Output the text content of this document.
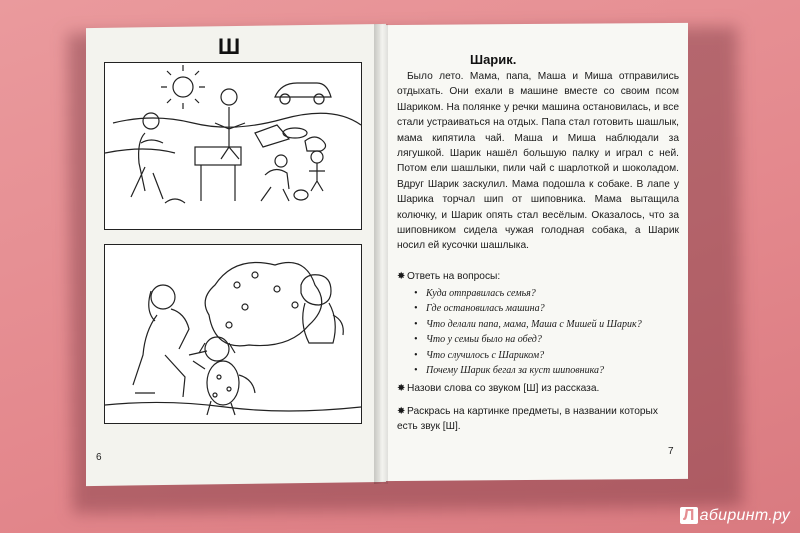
Ш
6
Шарик.

Было лето. Мама, папа, Маша и Миша отправились отдыхать. Они ехали в машине вместе со своим псом Шариком. На полянке у речки машина остановилась, и все стали устраиваться на отдых. Папа стал готовить шашлык, мама кипятила чай. Маша и Миша наблюдали за лягушкой. Шарик нашёл большую палку и играл с ней. Потом ели шашлыки, пили чай с шарлоткой и шоколадом. Вдруг Шарик заскулил. Мама подошла к собаке. В лапе у Шарика торчал шип от шиповника. Мама вытащила колючку, и Шарик опять стал весёлым. Оказалось, что за шиповником сидела чужая голодная собака, а Шарик носил ей кусочки шашлыка.

✸Ответь на вопросы:
• Куда отправилась семья?
• Где остановилась машина?
• Что делали папа, мама, Маша с Мишей и Шарик?
• Что у семьи было на обед?
• Что случилось с Шариком?
• Почему Шарик бегал за куст шиповника?
✸Назови слова со звуком [Ш] из рассказа.
✸Раскрась на картинке предметы, в названии которых есть звук [Ш].
7
Л абиринт.ру
